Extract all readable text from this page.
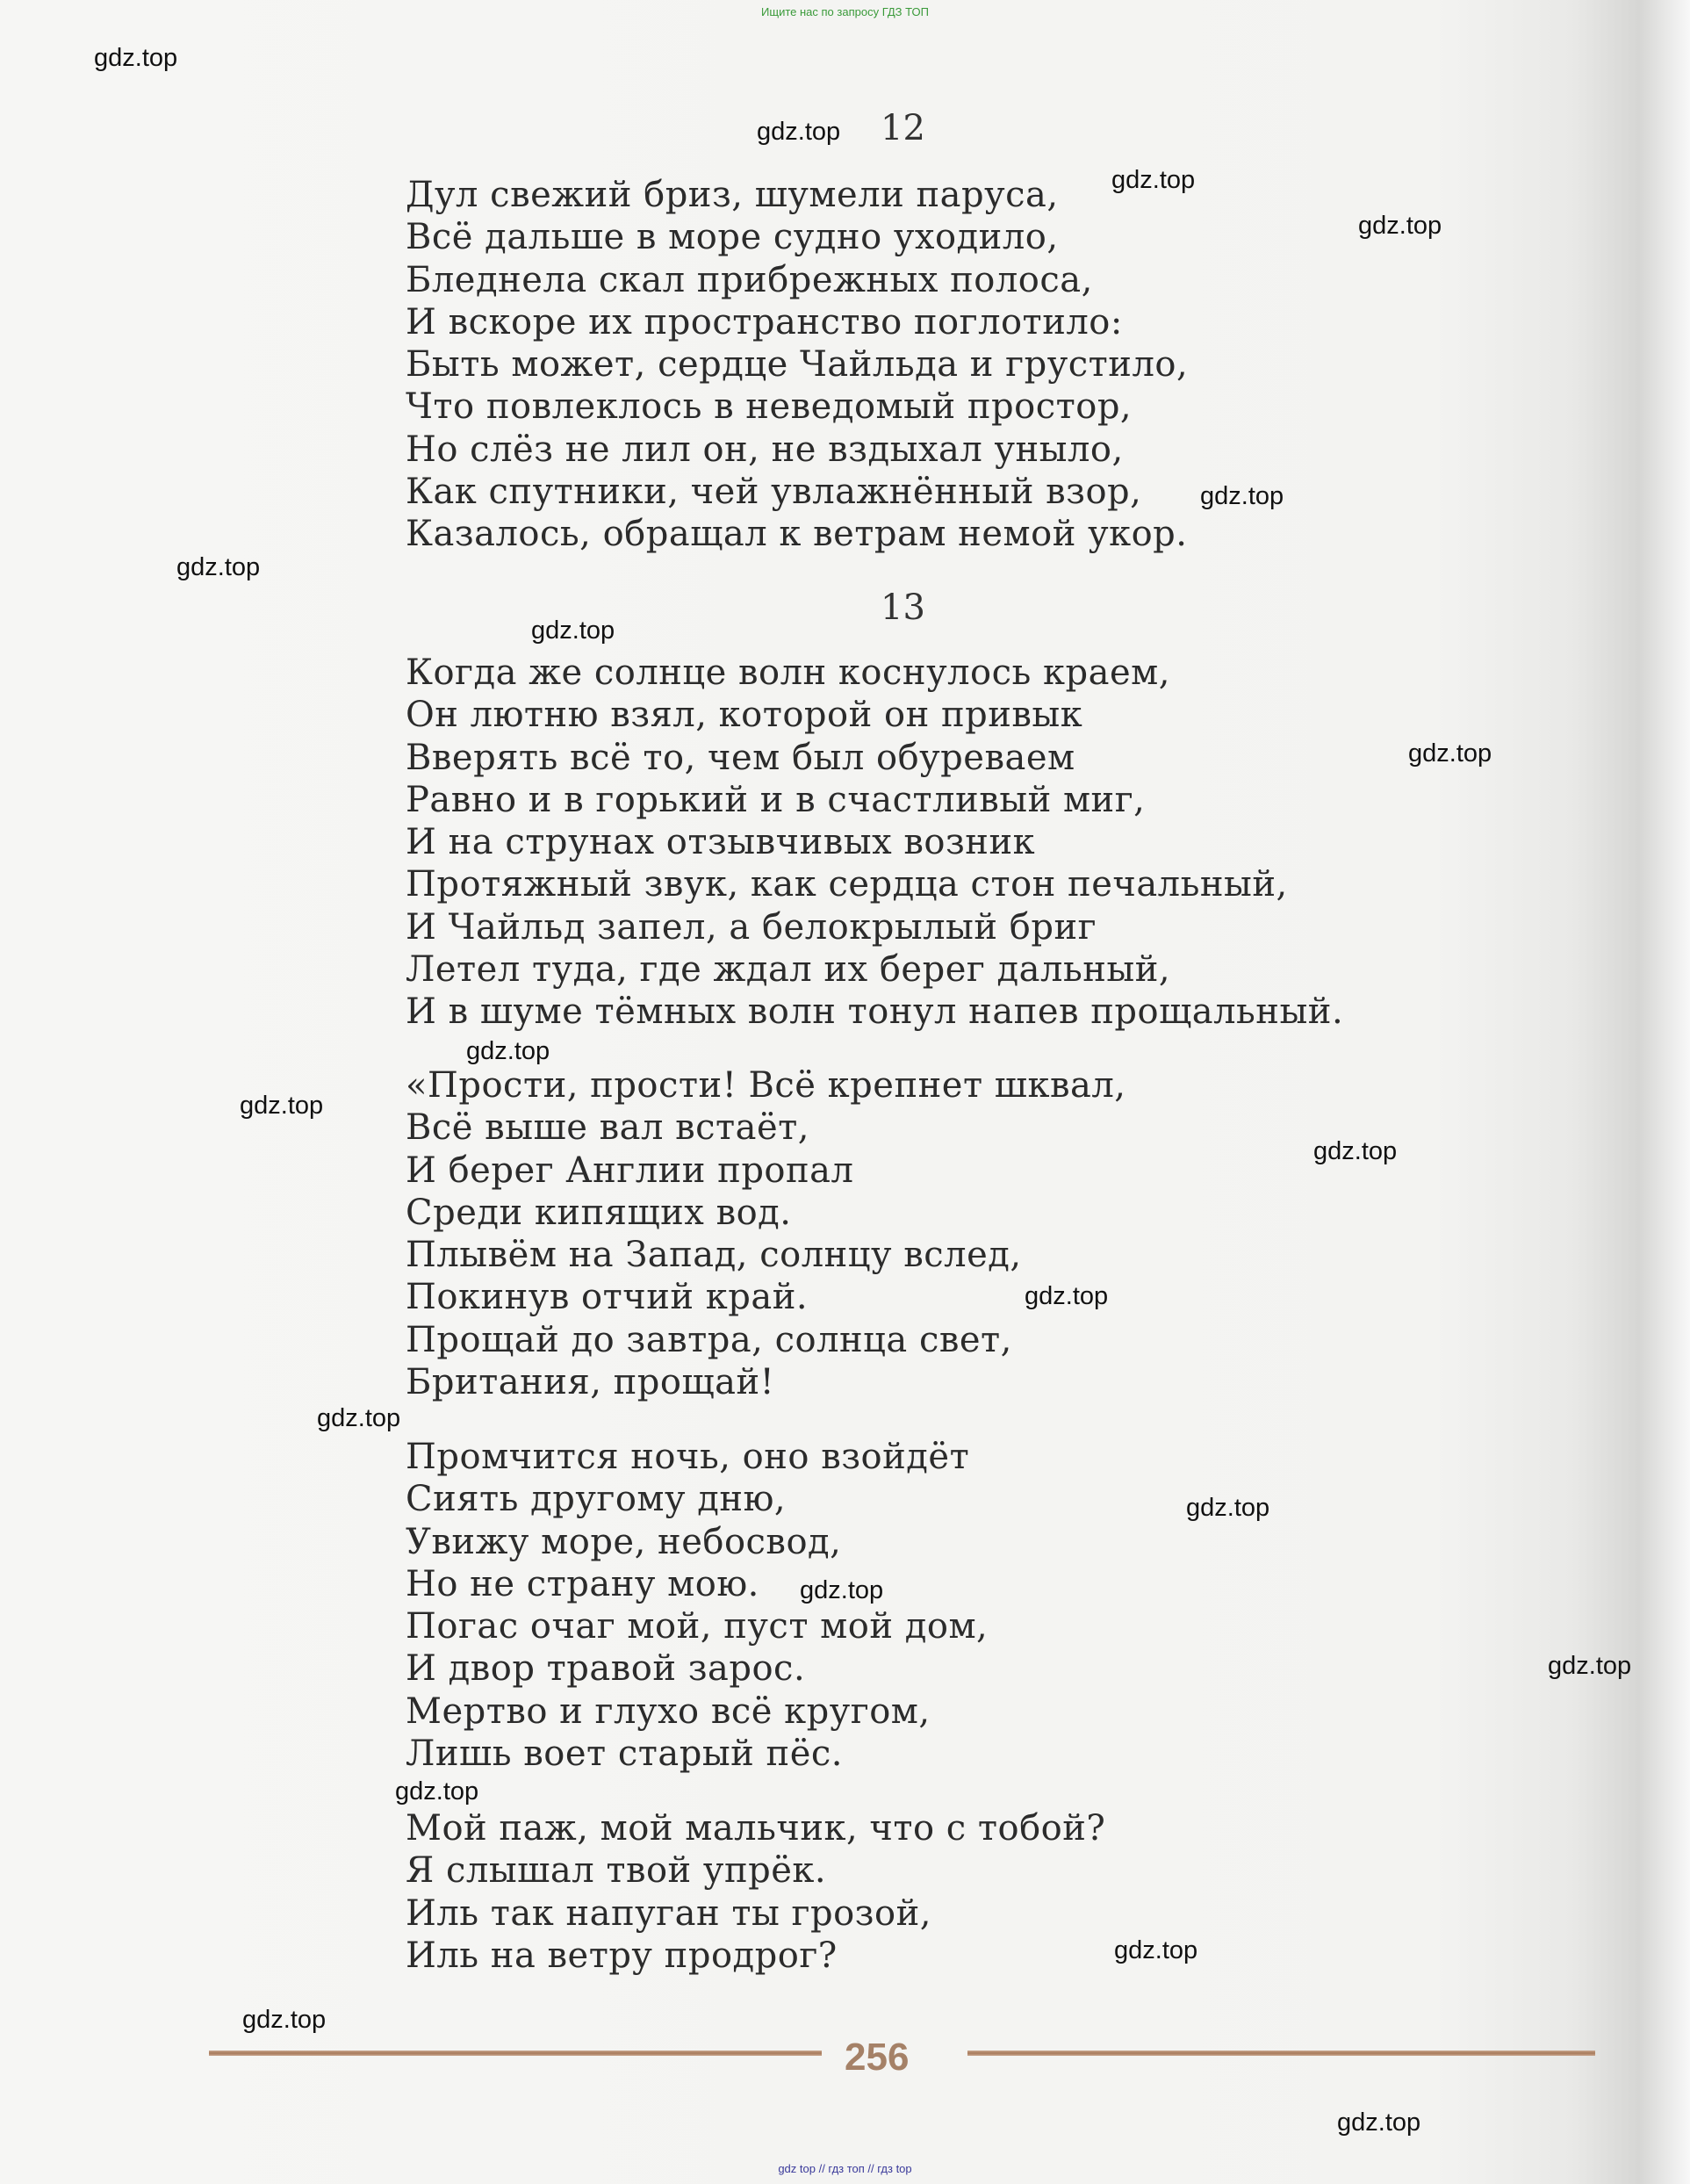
Ищите нас по запросу ГДЗ ТОП
12
Дул свежий бриз, шумели паруса,
Всё дальше в море судно уходило,
Бледнела скал прибрежных полоса,
И вскоре их пространство поглотило:
Быть может, сердце Чайльда и грустило,
Что повлеклось в неведомый простор,
Но слёз не лил он, не вздыхал уныло,
Как спутники, чей увлажнённый взор,
Казалось, обращал к ветрам немой укор.
13
Когда же солнце волн коснулось краем,
Он лютню взял, которой он привык
Вверять всё то, чем был обуреваем
Равно и в горький и в счастливый миг,
И на струнах отзывчивых возник
Протяжный звук, как сердца стон печальный,
И Чайльд запел, а белокрылый бриг
Летел туда, где ждал их берег дальный,
И в шуме тёмных волн тонул напев прощальный.
«Прости, прости! Всё крепнет шквал,
Всё выше вал встаёт,
И берег Англии пропал
Среди кипящих вод.
Плывём на Запад, солнцу вслед,
Покинув отчий край.
Прощай до завтра, солнца свет,
Британия, прощай!
Промчится ночь, оно взойдёт
Сиять другому дню,
Увижу море, небосвод,
Но не страну мою.
Погас очаг мой, пуст мой дом,
И двор травой зарос.
Мертво и глухо всё кругом,
Лишь воет старый пёс.
Мой паж, мой мальчик, что с тобой?
Я слышал твой упрёк.
Иль так напуган ты грозой,
Иль на ветру продрог?
256
gdz.top
gdz.top
gdz.top
gdz.top
gdz.top
gdz.top
gdz.top
gdz.top
gdz.top
gdz.top
gdz.top
gdz.top
gdz.top
gdz.top
gdz.top
gdz.top
gdz.top
gdz.top
gdz.top
gdz.top
gdz top // гдз топ // гдз top
